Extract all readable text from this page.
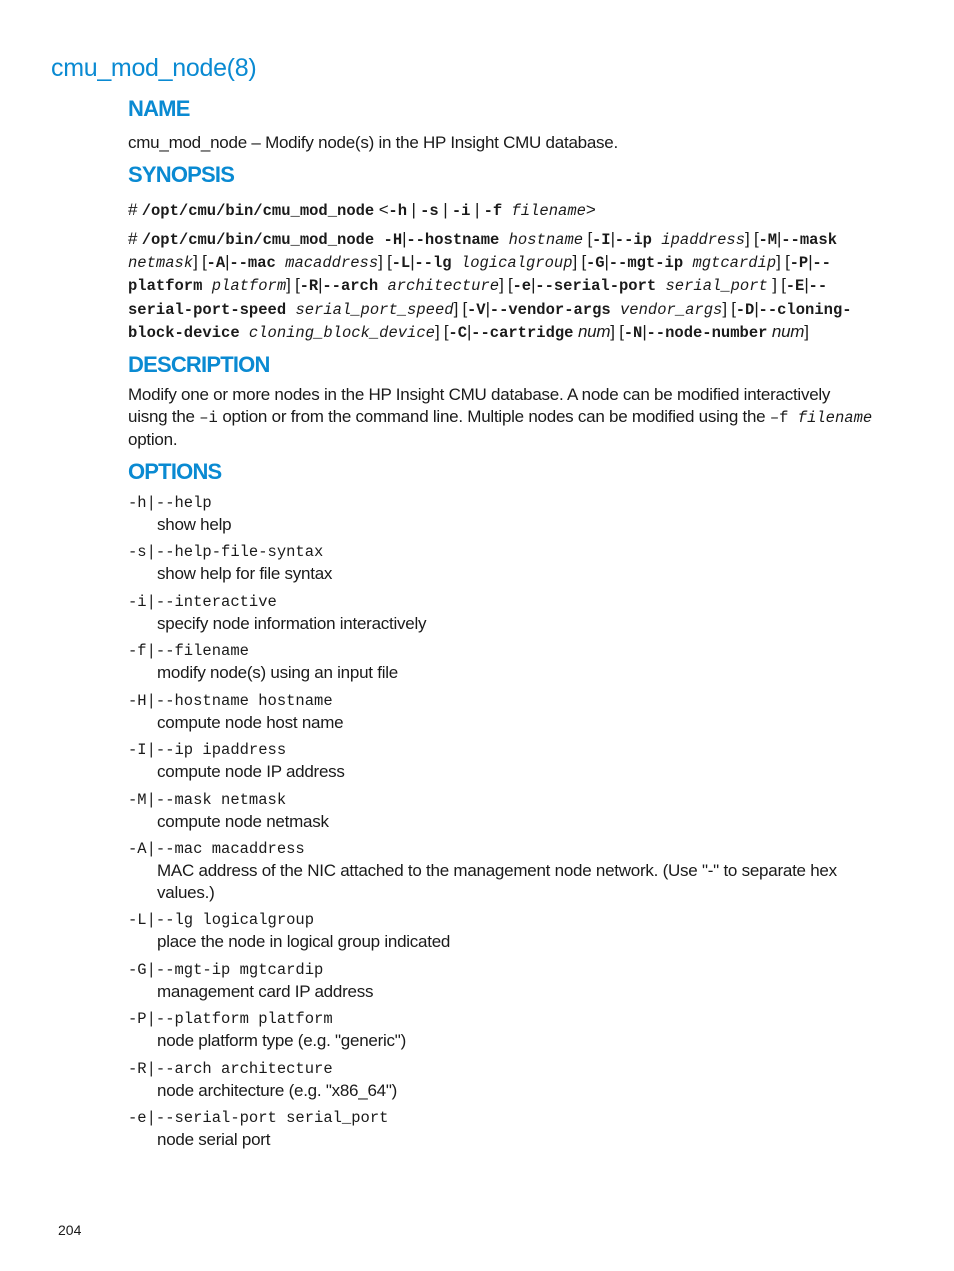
cmu_mod_node(8)
NAME

cmu_mod_node – Modify node(s) in the HP Insight CMU database.

SYNOPSIS

# /opt/cmu/bin/cmu_mod_node <-h | -s | -i | -f filename>

# /opt/cmu/bin/cmu_mod_node -H|--hostname hostname [-I|--ip ipaddress] [-M|--mask netmask] [-A|--mac macaddress] [-L|--lg logicalgroup] [-G|--mgt-ip mgtcardip] [-P|--platform platform] [-R|--arch architecture] [-e|--serial-port serial_port ] [-E|--serial-port-speed serial_port_speed] [-V|--vendor-args vendor_args] [-D|--cloning-block-device cloning_block_device] [-C|--cartridge num] [-N|--node-number num]

DESCRIPTION

Modify one or more nodes in the HP Insight CMU database. A node can be modified interactively uisng the –i option or from the command line. Multiple nodes can be modified using the –f filename option.

OPTIONS
-h|--help
show help
-s|--help-file-syntax
show help for file syntax
-i|--interactive
specify node information interactively
-f|--filename
modify node(s) using an input file
-H|--hostname hostname
compute node host name
-I|--ip ipaddress
compute node IP address
-M|--mask netmask
compute node netmask
-A|--mac macaddress
MAC address of the NIC attached to the management node network. (Use "-" to separate hex values.)
-L|--lg logicalgroup
place the node in logical group indicated
-G|--mgt-ip mgtcardip
management card IP address
-P|--platform platform
node platform type (e.g. "generic")
-R|--arch architecture
node architecture (e.g. "x86_64")
-e|--serial-port serial_port
node serial port
204
